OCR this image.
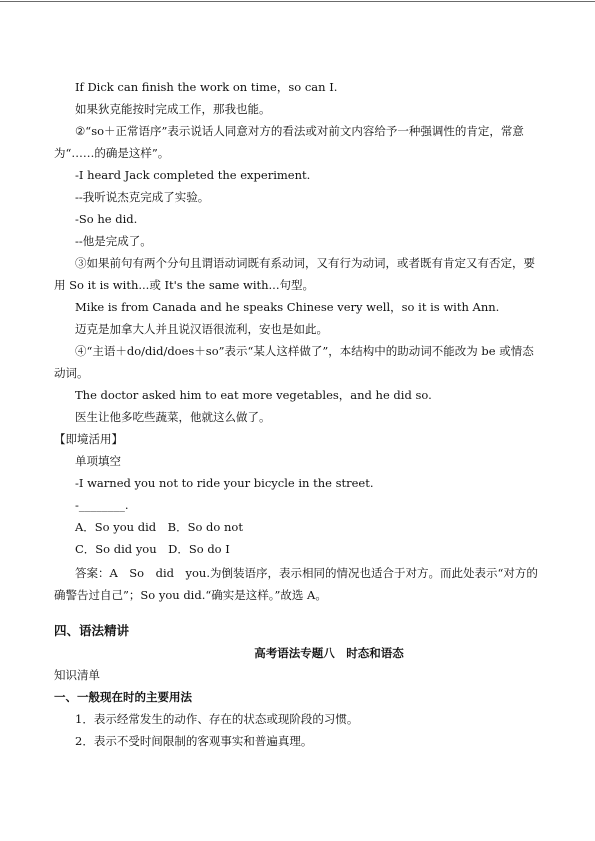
If Dick can finish the work on time，so can I.
如果狄克能按时完成工作，那我也能。
②“so＋正常语序”表示说话人同意对方的看法或对前文内容给予一种强调性的肯定，常意为“……的确是这样”。
-I heard Jack completed the experiment.
--我听说杰克完成了实验。
-So he did.
--他是完成了。
③如果前句有两个分句且谓语动词既有系动词，又有行为动词，或者既有肯定又有否定，要用 So it is with...或 It's the same with...句型。
Mike is from Canada and he speaks Chinese very well，so it is with Ann.
迈克是加拿大人并且说汉语很流利，安也是如此。
④“主语＋do/did/does＋so”表示“某人这样做了”，本结构中的助动词不能改为 be 或情态动词。
The doctor asked him to eat more vegetables，and he did so.
医生让他多吃些蔬菜，他就这么做了。
【即境活用】
单项填空
-I warned you not to ride your bicycle in the street.
-________.
A．So you did　B．So do not
C．So did you　D．So do I
答案：A　So　did　you.为倒装语序，表示相同的情况也适合于对方。而此处表示“对方的确警告过自己”；So you did.“确实是这样。”故选 A。
四、语法精讲
高考语法专题八　时态和语态
知识清单
一、一般现在时的主要用法
1．表示经常发生的动作、存在的状态或现阶段的习惯。
2．表示不受时间限制的客观事实和普遍真理。
